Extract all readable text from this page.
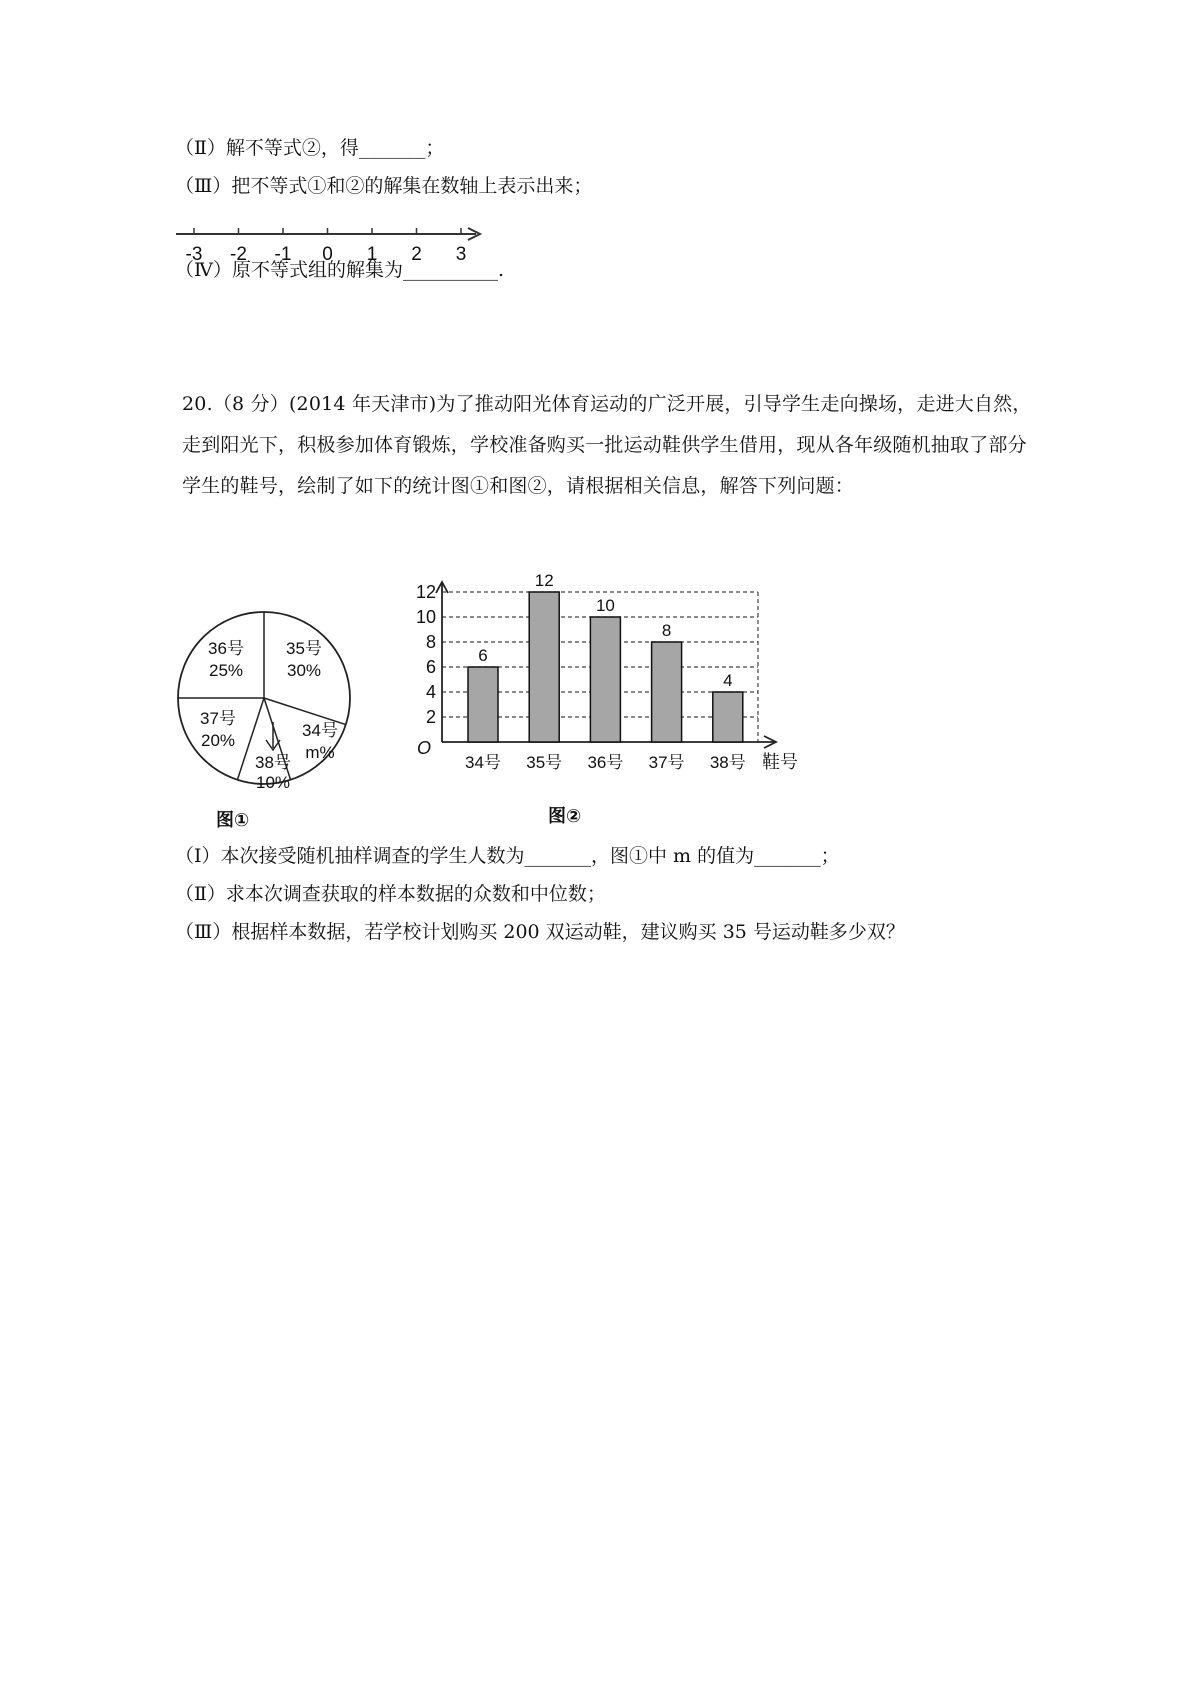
（Ⅱ）解不等式②，得_______；
（Ⅲ）把不等式①和②的解集在数轴上表示出来；
-3 -2 -1 0 1 2 3
（Ⅳ）原不等式组的解集为__________.
20.（8 分）(2014 年天津市)为了推动阳光体育运动的广泛开展，引导学生走向操场，走进大自然，走到阳光下，积极参加体育锻炼，学校准备购买一批运动鞋供学生借用，现从各年级随机抽取了部分学生的鞋号，绘制了如下的统计图①和图②，请根据相关信息，解答下列问题：
35号
30%
34号
m%
37号
20%
36号
25%
38号
10%
图①
2
4
6
8
10
12
6
34号
12
35号
10
36号
8
37号
4
38号
O
鞋号
图②
（Ⅰ）本次接受随机抽样调查的学生人数为_______，图①中 m 的值为_______；
（Ⅱ）求本次调查获取的样本数据的众数和中位数；
（Ⅲ）根据样本数据，若学校计划购买 200 双运动鞋，建议购买 35 号运动鞋多少双？
